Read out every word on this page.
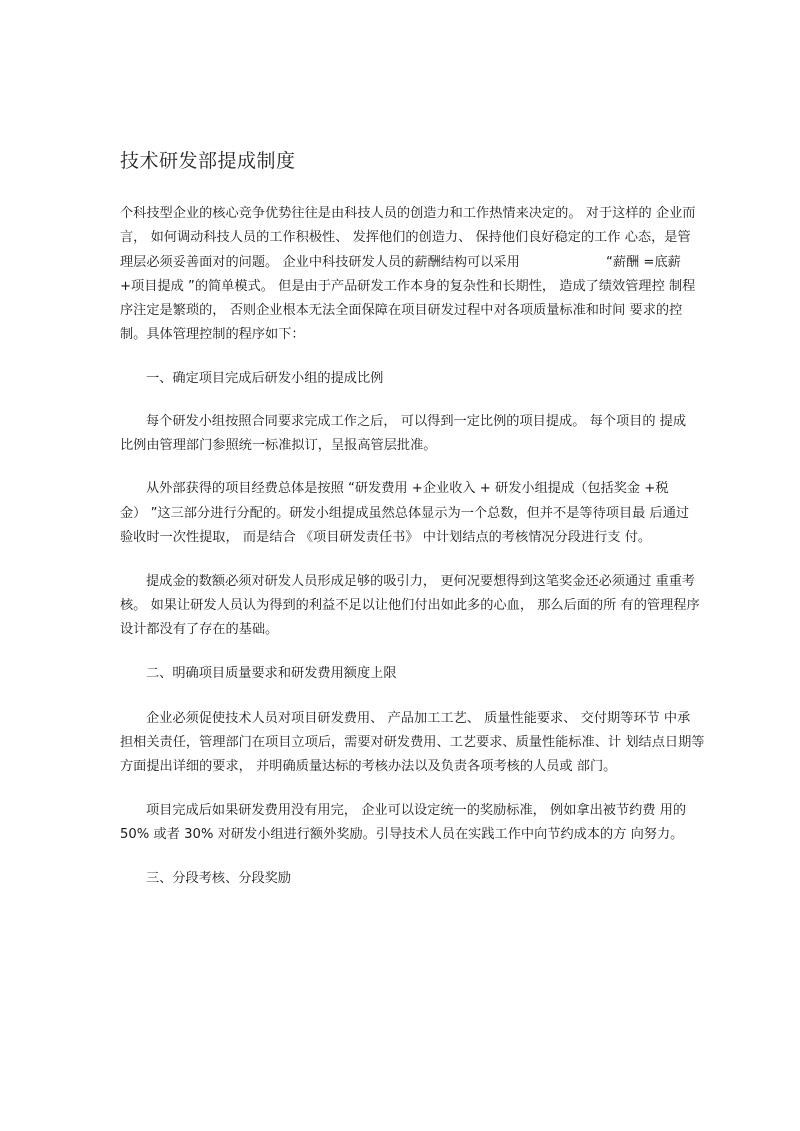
技术研发部提成制度
个科技型企业的核心竞争优势往往是由科技人员的创造力和工作热情来决定的。 对于这样的 企业而
言， 如何调动科技人员的工作积极性、 发挥他们的创造力、 保持他们良好稳定的工作 心态，是管
理层必须妥善面对的问题。 企业中科技研发人员的薪酬结构可以采用	“薪酬 =底薪
+项目提成 ”的简单模式。 但是由于产品研发工作本身的复杂性和长期性， 造成了绩效管理控 制程
序注定是繁琐的， 否则企业根本无法全面保障在项目研发过程中对各项质量标准和时间 要求的控
制。具体管理控制的程序如下：
一、确定项目完成后研发小组的提成比例
每个研发小组按照合同要求完成工作之后， 可以得到一定比例的项目提成。 每个项目的 提成
比例由管理部门参照统一标准拟订，呈报高管层批准。
从外部获得的项目经费总体是按照 “研发费用 +企业收入 + 研发小组提成（包括奖金 +税
金） ”这三部分进行分配的。研发小组提成虽然总体显示为一个总数，但并不是等待项目最 后通过
验收时一次性提取， 而是结合 《项目研发责任书》 中计划结点的考核情况分段进行支 付。
提成金的数额必须对研发人员形成足够的吸引力， 更何况要想得到这笔奖金还必须通过 重重考
核。 如果让研发人员认为得到的利益不足以让他们付出如此多的心血， 那么后面的所 有的管理程序
设计都没有了存在的基础。
二、明确项目质量要求和研发费用额度上限
企业必须促使技术人员对项目研发费用、 产品加工工艺、 质量性能要求、 交付期等环节 中承
担相关责任，管理部门在项目立项后，需要对研发费用、工艺要求、质量性能标准、计 划结点日期等
方面提出详细的要求， 并明确质量达标的考核办法以及负责各项考核的人员或 部门。
项目完成后如果研发费用没有用完， 企业可以设定统一的奖励标准， 例如拿出被节约费 用的
50% 或者 30% 对研发小组进行额外奖励。引导技术人员在实践工作中向节约成本的方 向努力。
三、分段考核、分段奖励
